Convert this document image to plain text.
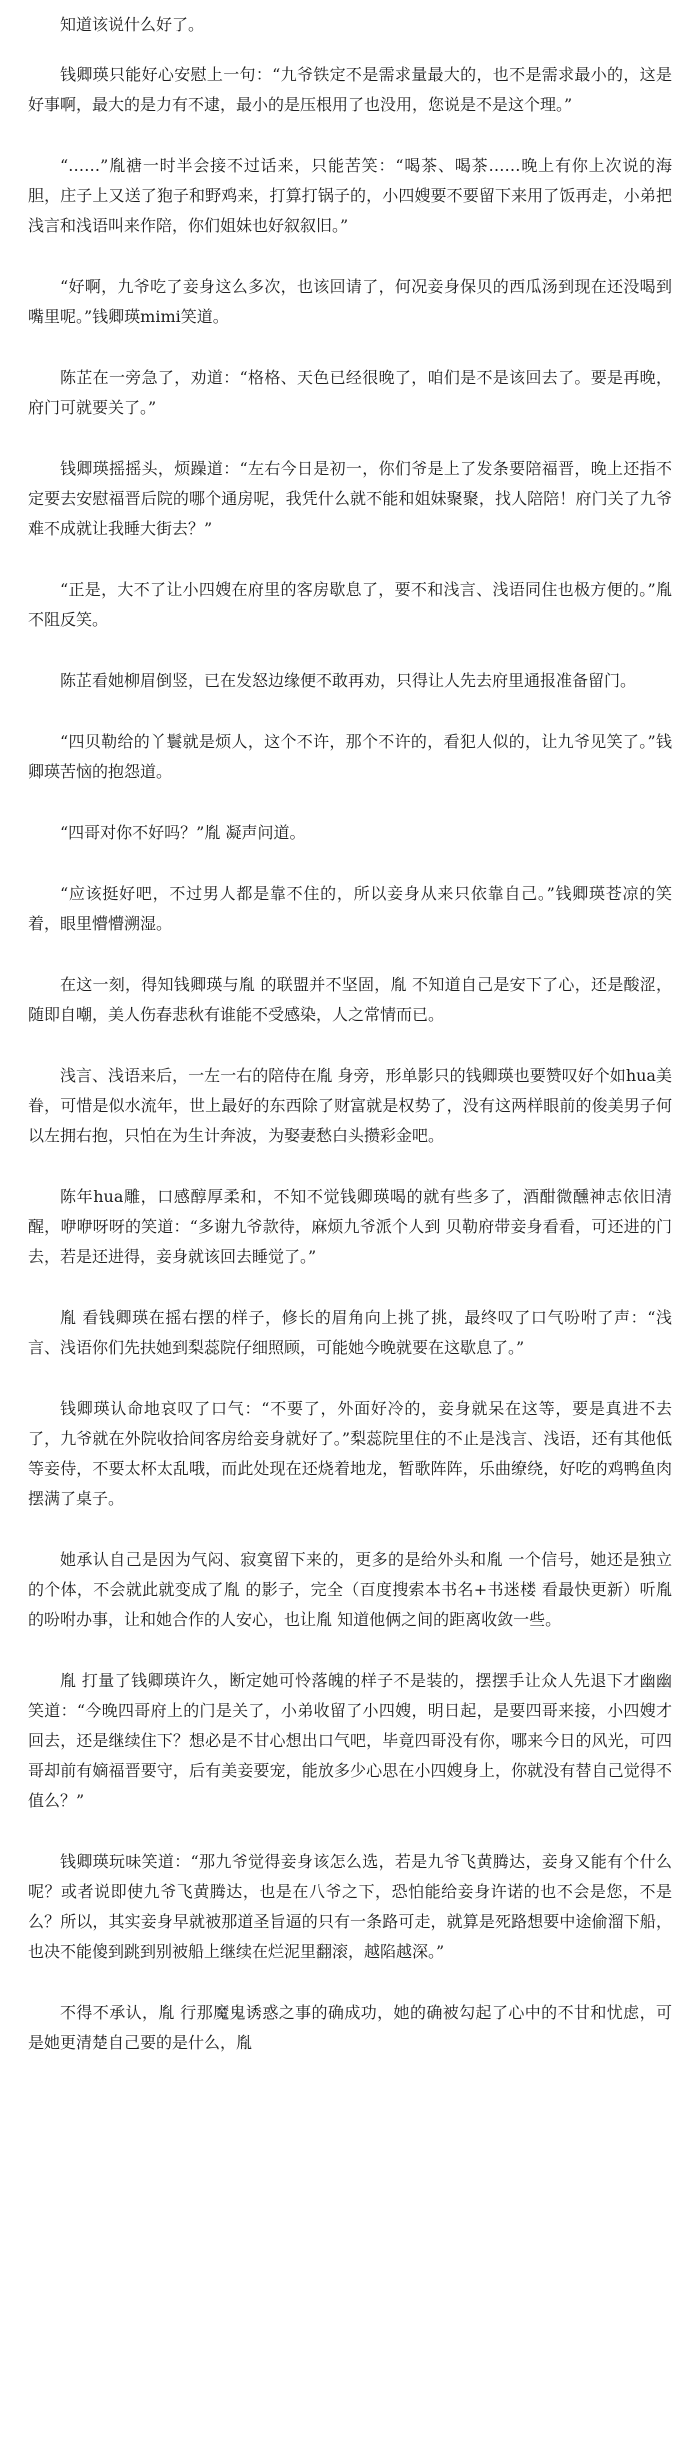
知道该说什么好了。

钱卿瑛只能好心安慰上一句：“九爷铁定不是需求量最大的，也不是需求最小的，这是好事啊，最大的是力有不逮，最小的是压根用了也没用，您说是不是这个理。”

“……”胤禟一时半会接不过话来，只能苦笑：“喝茶、喝茶……晚上有你上次说的海胆，庄子上又送了狍子和野鸡来，打算打锅子的，小四嫂要不要留下来用了饭再走，小弟把浅言和浅语叫来作陪，你们姐妹也好叙叙旧。”

“好啊，九爷吃了妾身这么多次，也该回请了，何况妾身保贝的西瓜汤到现在还没喝到嘴里呢。”钱卿瑛mimi笑道。

陈芷在一旁急了，劝道：“格格、天色已经很晚了，咱们是不是该回去了。要是再晚，府门可就要关了。”

钱卿瑛摇摇头，烦躁道：“左右今日是初一，你们爷是上了发条要陪福晋，晚上还指不定要去安慰福晋后院的哪个通房呢，我凭什么就不能和姐妹聚聚，找人陪陪！府门关了九爷难不成就让我睡大街去？”

“正是，大不了让小四嫂在府里的客房歇息了，要不和浅言、浅语同住也极方便的。”胤 不阻反笑。

陈芷看她柳眉倒竖，已在发怒边缘便不敢再劝，只得让人先去府里通报准备留门。

“四贝勒给的丫鬟就是烦人，这个不许，那个不许的，看犯人似的，让九爷见笑了。”钱卿瑛苦恼的抱怨道。

“四哥对你不好吗？”胤 凝声问道。

“应该挺好吧，不过男人都是靠不住的，所以妾身从来只依靠自己。”钱卿瑛苍凉的笑着，眼里懵懵溯湿。

在这一刻，得知钱卿瑛与胤 的联盟并不坚固，胤 不知道自己是安下了心，还是酸涩，随即自嘲，美人伤春悲秋有谁能不受感染，人之常情而已。

浅言、浅语来后，一左一右的陪侍在胤 身旁，形单影只的钱卿瑛也要赞叹好个如hua美眷，可惜是似水流年，世上最好的东西除了财富就是权势了，没有这两样眼前的俊美男子何以左拥右抱，只怕在为生计奔波，为娶妻愁白头攒彩金吧。

陈年hua雕，口感醇厚柔和，不知不觉钱卿瑛喝的就有些多了，酒酣微醺神志依旧清醒，咿咿呀呀的笑道：“多谢九爷款待，麻烦九爷派个人到 贝勒府带妾身看看，可还进的门去，若是还进得，妾身就该回去睡觉了。”

胤 看钱卿瑛在摇右摆的样子，修长的眉角向上挑了挑，最终叹了口气吩咐了声：“浅言、浅语你们先扶她到梨蕊院仔细照顾，可能她今晚就要在这歇息了。”

钱卿瑛认命地哀叹了口气：“不要了，外面好冷的，妾身就呆在这等，要是真进不去了，九爷就在外院收拾间客房给妾身就好了。”梨蕊院里住的不止是浅言、浅语，还有其他低等妾侍，不要太杯太乱哦，而此处现在还烧着地龙，暂歌阵阵，乐曲缭绕，好吃的鸡鸭鱼肉摆满了桌子。

她承认自己是因为气闷、寂寞留下来的，更多的是给外头和胤 一个信号，她还是独立的个体，不会就此就变成了胤 的影子，完全（百度搜索本书名+书迷楼 看最快更新）听胤 的吩咐办事，让和她合作的人安心，也让胤 知道他俩之间的距离收敛一些。

胤 打量了钱卿瑛许久，断定她可怜落魄的样子不是装的，摆摆手让众人先退下才幽幽笑道：“今晚四哥府上的门是关了，小弟收留了小四嫂，明日起，是要四哥来接，小四嫂才回去，还是继续住下？想必是不甘心想出口气吧，毕竟四哥没有你，哪来今日的风光，可四哥却前有嫡福晋要守，后有美妾要宠，能放多少心思在小四嫂身上，你就没有替自己觉得不值么？”

钱卿瑛玩味笑道：“那九爷觉得妾身该怎么选，若是九爷飞黄腾达，妾身又能有个什么呢？或者说即使九爷飞黄腾达，也是在八爷之下，恐怕能给妾身许诺的也不会是您，不是么？所以，其实妾身早就被那道圣旨逼的只有一条路可走，就算是死路想要中途偷溜下船，也决不能傻到跳到别被船上继续在烂泥里翻滚，越陷越深。”

不得不承认，胤 行那魔鬼诱惑之事的确成功，她的确被勾起了心中的不甘和忧虑，可是她更清楚自己要的是什么，胤
